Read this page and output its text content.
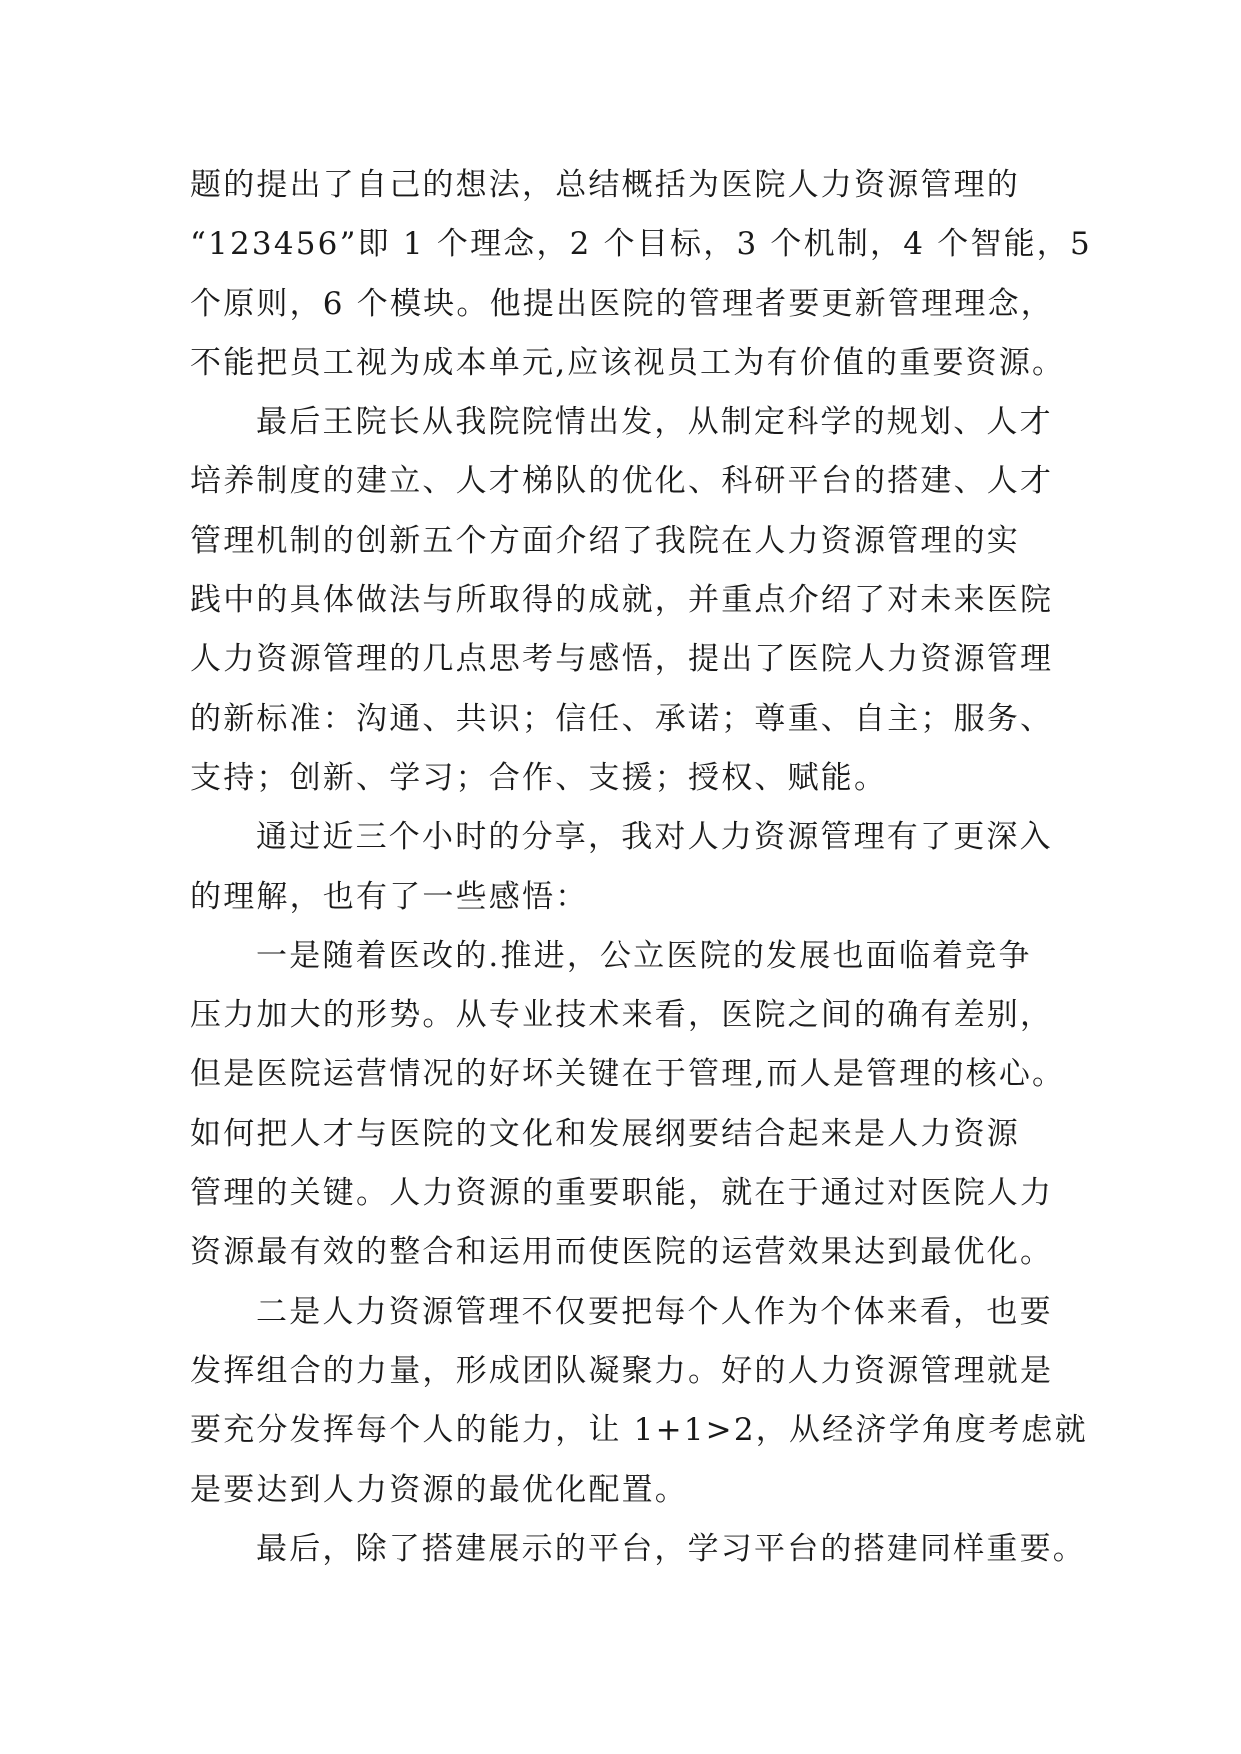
题的提出了自己的想法，总结概括为医院人力资源管理的
“123456”即 1 个理念，2 个目标，3 个机制，4 个智能，5
个原则，6 个模块。他提出医院的管理者要更新管理理念，
不能把员工视为成本单元,应该视员工为有价值的重要资源。
最后王院长从我院院情出发，从制定科学的规划、人才
培养制度的建立、人才梯队的优化、科研平台的搭建、人才
管理机制的创新五个方面介绍了我院在人力资源管理的实
践中的具体做法与所取得的成就，并重点介绍了对未来医院
人力资源管理的几点思考与感悟，提出了医院人力资源管理
的新标准：沟通、共识；信任、承诺；尊重、自主；服务、
支持；创新、学习；合作、支援；授权、赋能。
通过近三个小时的分享，我对人力资源管理有了更深入
的理解，也有了一些感悟：
一是随着医改的.推进，公立医院的发展也面临着竞争
压力加大的形势。从专业技术来看，医院之间的确有差别，
但是医院运营情况的好坏关键在于管理,而人是管理的核心。
如何把人才与医院的文化和发展纲要结合起来是人力资源
管理的关键。人力资源的重要职能，就在于通过对医院人力
资源最有效的整合和运用而使医院的运营效果达到最优化。
二是人力资源管理不仅要把每个人作为个体来看，也要
发挥组合的力量，形成团队凝聚力。好的人力资源管理就是
要充分发挥每个人的能力，让 1+1>2，从经济学角度考虑就
是要达到人力资源的最优化配置。
最后，除了搭建展示的平台，学习平台的搭建同样重要。
